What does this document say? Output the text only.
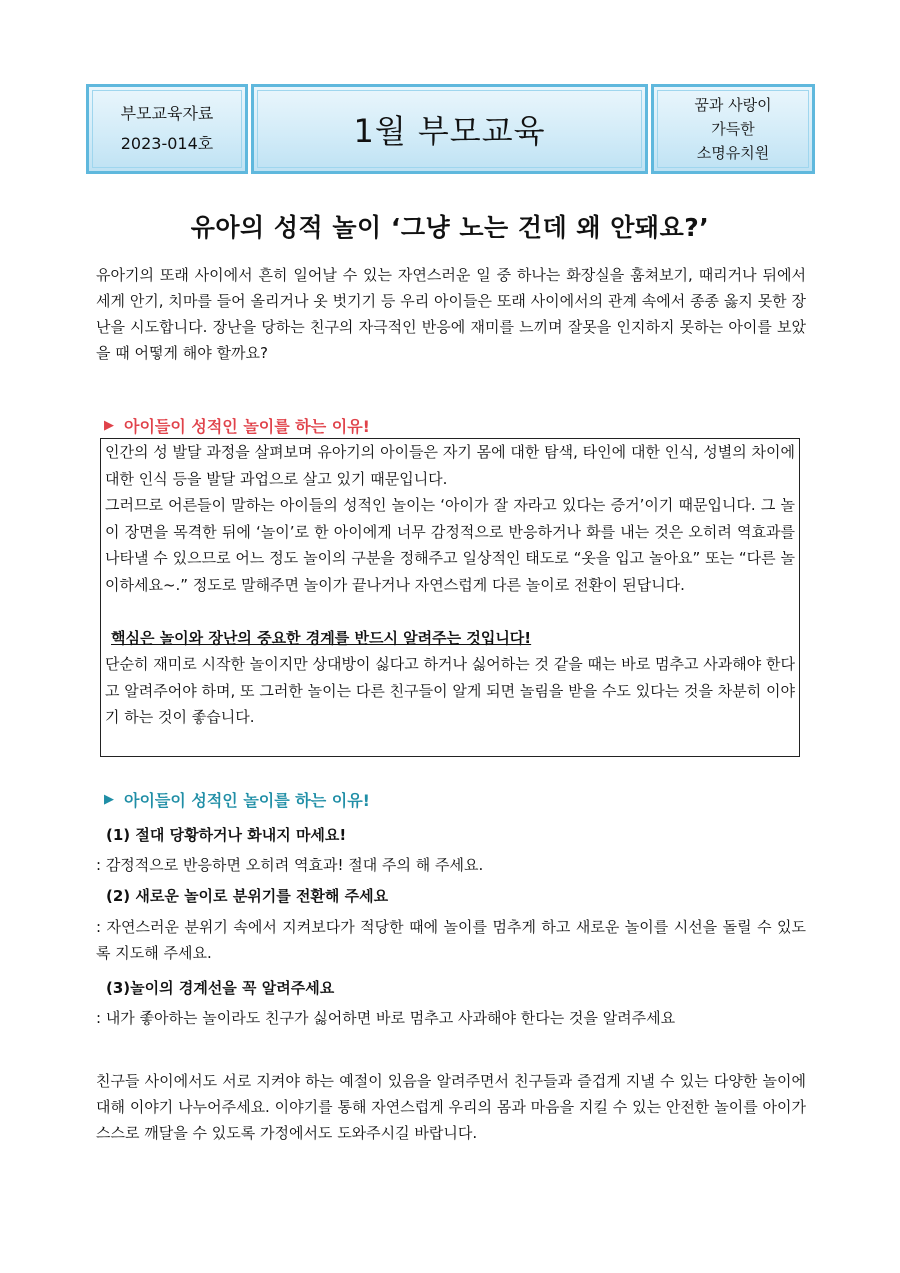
부모교육자료
2023-014호	1월 부모교육
꿈과 사랑이
가득한
소명유치원
유아의 성적 놀이 ‘그냥 노는 건데 왜 안돼요?’

유아기의 또래 사이에서 흔히 일어날 수 있는 자연스러운 일 중 하나는 화장실을 훔쳐보기, 때리거나 뒤에서 세게 안기, 치마를 들어 올리거나 옷 벗기기 등 우리 아이들은 또래 사이에서의 관계 속에서 종종 옳지 못한 장난을 시도합니다. 장난을 당하는 친구의 자극적인 반응에 재미를 느끼며 잘못을 인지하지 못하는 아이를 보았을 때 어떻게 해야 할까요?

▶ 아이들이 성적인 놀이를 하는 이유!

인간의 성 발달 과정을 살펴보며 유아기의 아이들은 자기 몸에 대한 탐색, 타인에 대한 인식, 성별의 차이에 대한 인식 등을 발달 과업으로 살고 있기 때문입니다.

그러므로 어른들이 말하는 아이들의 성적인 놀이는 ‘아이가 잘 자라고 있다는 증거’이기 때문입니다. 그 놀이 장면을 목격한 뒤에 ‘놀이’로 한 아이에게 너무 감정적으로 반응하거나 화를 내는 것은 오히려 역효과를 나타낼 수 있으므로 어느 정도 놀이의 구분을 정해주고 일상적인 태도로 “옷을 입고 놀아요” 또는 “다른 놀이하세요~.” 정도로 말해주면 놀이가 끝나거나 자연스럽게 다른 놀이로 전환이 된답니다.

핵심은 놀이와 장난의 중요한 경계를 반드시 알려주는 것입니다!

단순히 재미로 시작한 놀이지만 상대방이 싫다고 하거나 싫어하는 것 같을 때는 바로 멈추고 사과해야 한다고 알려주어야 하며, 또 그러한 놀이는 다른 친구들이 알게 되면 놀림을 받을 수도 있다는 것을 차분히 이야기 하는 것이 좋습니다.

▶ 아이들이 성적인 놀이를 하는 이유!
(1) 절대 당황하거나 화내지 마세요!

: 감정적으로 반응하면 오히려 역효과! 절대 주의 해 주세요.

(2) 새로운 놀이로 분위기를 전환해 주세요

: 자연스러운 분위기 속에서 지켜보다가 적당한 때에 놀이를 멈추게 하고 새로운 놀이를 시선을 돌릴 수 있도록 지도해 주세요.

(3)놀이의 경계선을 꼭 알려주세요

: 내가 좋아하는 놀이라도 친구가 싫어하면 바로 멈추고 사과해야 한다는 것을 알려주세요

친구들 사이에서도 서로 지켜야 하는 예절이 있음을 알려주면서 친구들과 즐겁게 지낼 수 있는 다양한 놀이에 대해 이야기 나누어주세요. 이야기를 통해 자연스럽게 우리의 몸과 마음을 지킬 수 있는 안전한 놀이를 아이가 스스로 깨달을 수 있도록 가정에서도 도와주시길 바랍니다.
